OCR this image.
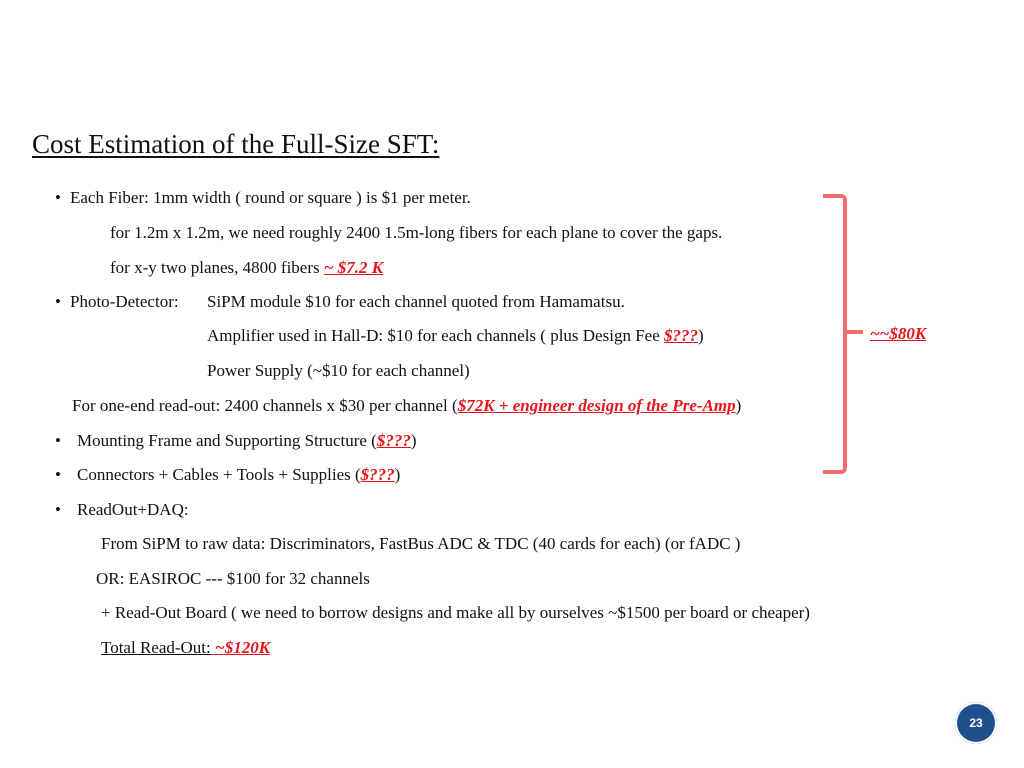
Cost Estimation of the Full-Size SFT:
• Each Fiber: 1mm width ( round or square ) is $1 per meter.
for 1.2m x 1.2m, we need roughly 2400 1.5m-long fibers for each plane to cover the gaps.
for x-y two planes, 4800 fibers ~ $7.2 K
• Photo-Detector: SiPM module $10 for each channel quoted from Hamamatsu.
Amplifier used in Hall-D: $10 for each channels ( plus Design Fee $???)
Power Supply (~$10 for each channel)
For one-end read-out: 2400 channels x $30 per channel ($72K + engineer design of the Pre-Amp)
• Mounting Frame and Supporting Structure ($???)
• Connectors + Cables + Tools + Supplies ($???)
• ReadOut+DAQ:
From SiPM to raw data: Discriminators, FastBus ADC & TDC (40 cards for each) (or fADC )
OR: EASIROC --- $100 for 32 channels
+ Read-Out Board ( we need to borrow designs and make all by ourselves ~$1500 per board or cheaper)
Total Read-Out: ~$120K
~~$80K
23
